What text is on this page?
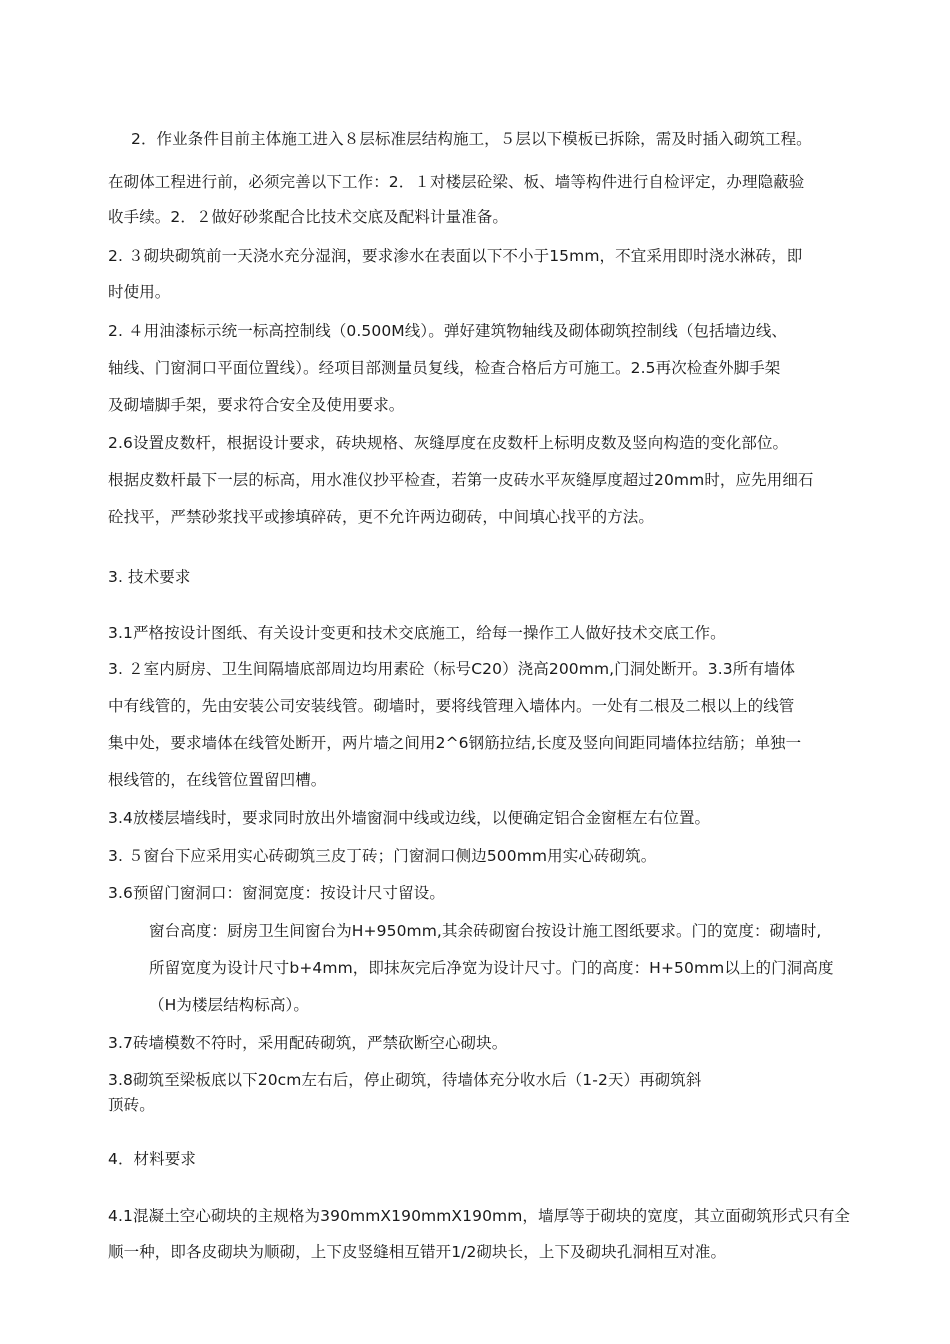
2．作业条件目前主体施工进入８层标准层结构施工，５层以下模板已拆除，需及时插入砌筑工程。
在砌体工程进行前，必须完善以下工作：2．１对楼层砼梁、板、墙等构件进行自检评定，办理隐蔽验
收手续。2．２做好砂浆配合比技术交底及配料计量准备。
2. ３砌块砌筑前一天浇水充分湿润，要求渗水在表面以下不小于15mm，不宜采用即时浇水淋砖，即
时使用。
2. ４用油漆标示统一标高控制线（0.500M线）。弹好建筑物轴线及砌体砌筑控制线（包括墙边线、
轴线、门窗洞口平面位置线）。经项目部测量员复线，检查合格后方可施工。2.5再次检查外脚手架
及砌墙脚手架，要求符合安全及使用要求。
2.6设置皮数杆，根据设计要求，砖块规格、灰缝厚度在皮数杆上标明皮数及竖向构造的变化部位。
根据皮数杆最下一层的标高，用水准仪抄平检查，若第一皮砖水平灰缝厚度超过20mm时，应先用细石
砼找平，严禁砂浆找平或掺填碎砖，更不允许两边砌砖，中间填心找平的方法。
3. 技术要求
3.1严格按设计图纸、有关设计变更和技术交底施工，给每一操作工人做好技术交底工作。
3. ２室内厨房、卫生间隔墙底部周边均用素砼（标号C20）浇高200mm,门洞处断开。3.3所有墙体
中有线管的，先由安装公司安装线管。砌墙时，要将线管理入墙体内。一处有二根及二根以上的线管
集中处，要求墙体在线管处断开，两片墙之间用2^6钢筋拉结,长度及竖向间距同墙体拉结筋；单独一
根线管的，在线管位置留凹槽。
3.4放楼层墙线时，要求同时放出外墙窗洞中线或边线，以便确定铝合金窗框左右位置。
3. ５窗台下应采用实心砖砌筑三皮丁砖；门窗洞口侧边500mm用实心砖砌筑。
3.6预留门窗洞口：窗洞宽度：按设计尺寸留设。
窗台高度：厨房卫生间窗台为H+950mm,其余砖砌窗台按设计施工图纸要求。门的宽度：砌墙时,
所留宽度为设计尺寸b+4mm，即抹灰完后净宽为设计尺寸。门的高度：H+50mm以上的门洞高度
（H为楼层结构标高）。
3.7砖墙模数不符时，采用配砖砌筑，严禁砍断空心砌块。
3.8砌筑至梁板底以下20cm左右后，停止砌筑，待墙体充分收水后（1-2天）再砌筑斜
顶砖。
4．材料要求
4.1混凝土空心砌块的主规格为390mmX190mmX190mm，墙厚等于砌块的宽度，其立面砌筑形式只有全
顺一种，即各皮砌块为顺砌，上下皮竖缝相互错开1/2砌块长，上下及砌块孔洞相互对准。
